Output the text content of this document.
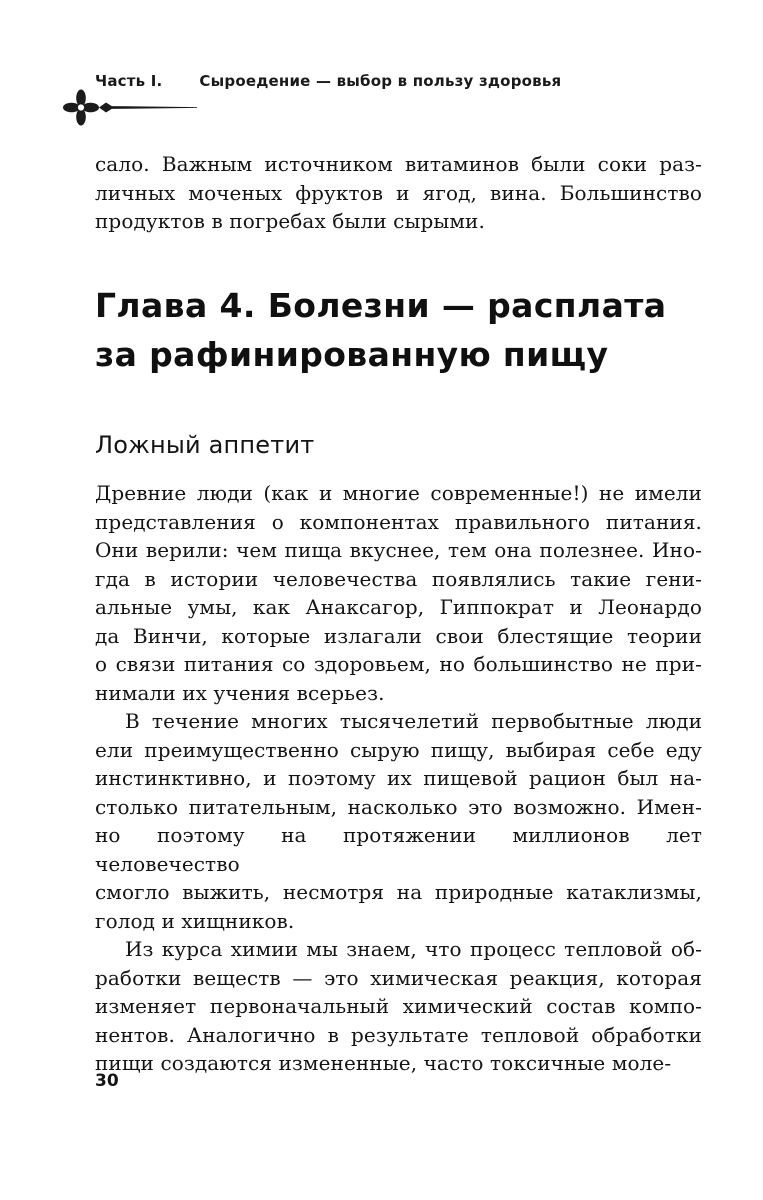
Часть I. Сыроедение — выбор в пользу здоровья
сало. Важным источником витаминов были соки раз-
личных моченых фруктов и ягод, вина. Большинство
продуктов в погребах были сырыми.
Глава 4. Болезни — расплата
за рафинированную пищу
Ложный аппетит
Древние люди (как и многие современные!) не имели
представления о компонентах правильного питания.
Они верили: чем пища вкуснее, тем она полезнее. Ино-
гда в истории человечества появлялись такие гени-
альные умы, как Анаксагор, Гиппократ и Леонардо
да Винчи, которые излагали свои блестящие теории
о связи питания со здоровьем, но большинство не при-
нимали их учения всерьез.
В течение многих тысячелетий первобытные люди
ели преимущественно сырую пищу, выбирая себе еду
инстинктивно, и поэтому их пищевой рацион был на-
столько питательным, насколько это возможно. Имен-
но поэтому на протяжении миллионов лет человечество
смогло выжить, несмотря на природные катаклизмы,
голод и хищников.
Из курса химии мы знаем, что процесс тепловой об-
работки веществ — это химическая реакция, которая
изменяет первоначальный химический состав компо-
нентов. Аналогично в результате тепловой обработки
пищи создаются измененные, часто токсичные моле-
30
